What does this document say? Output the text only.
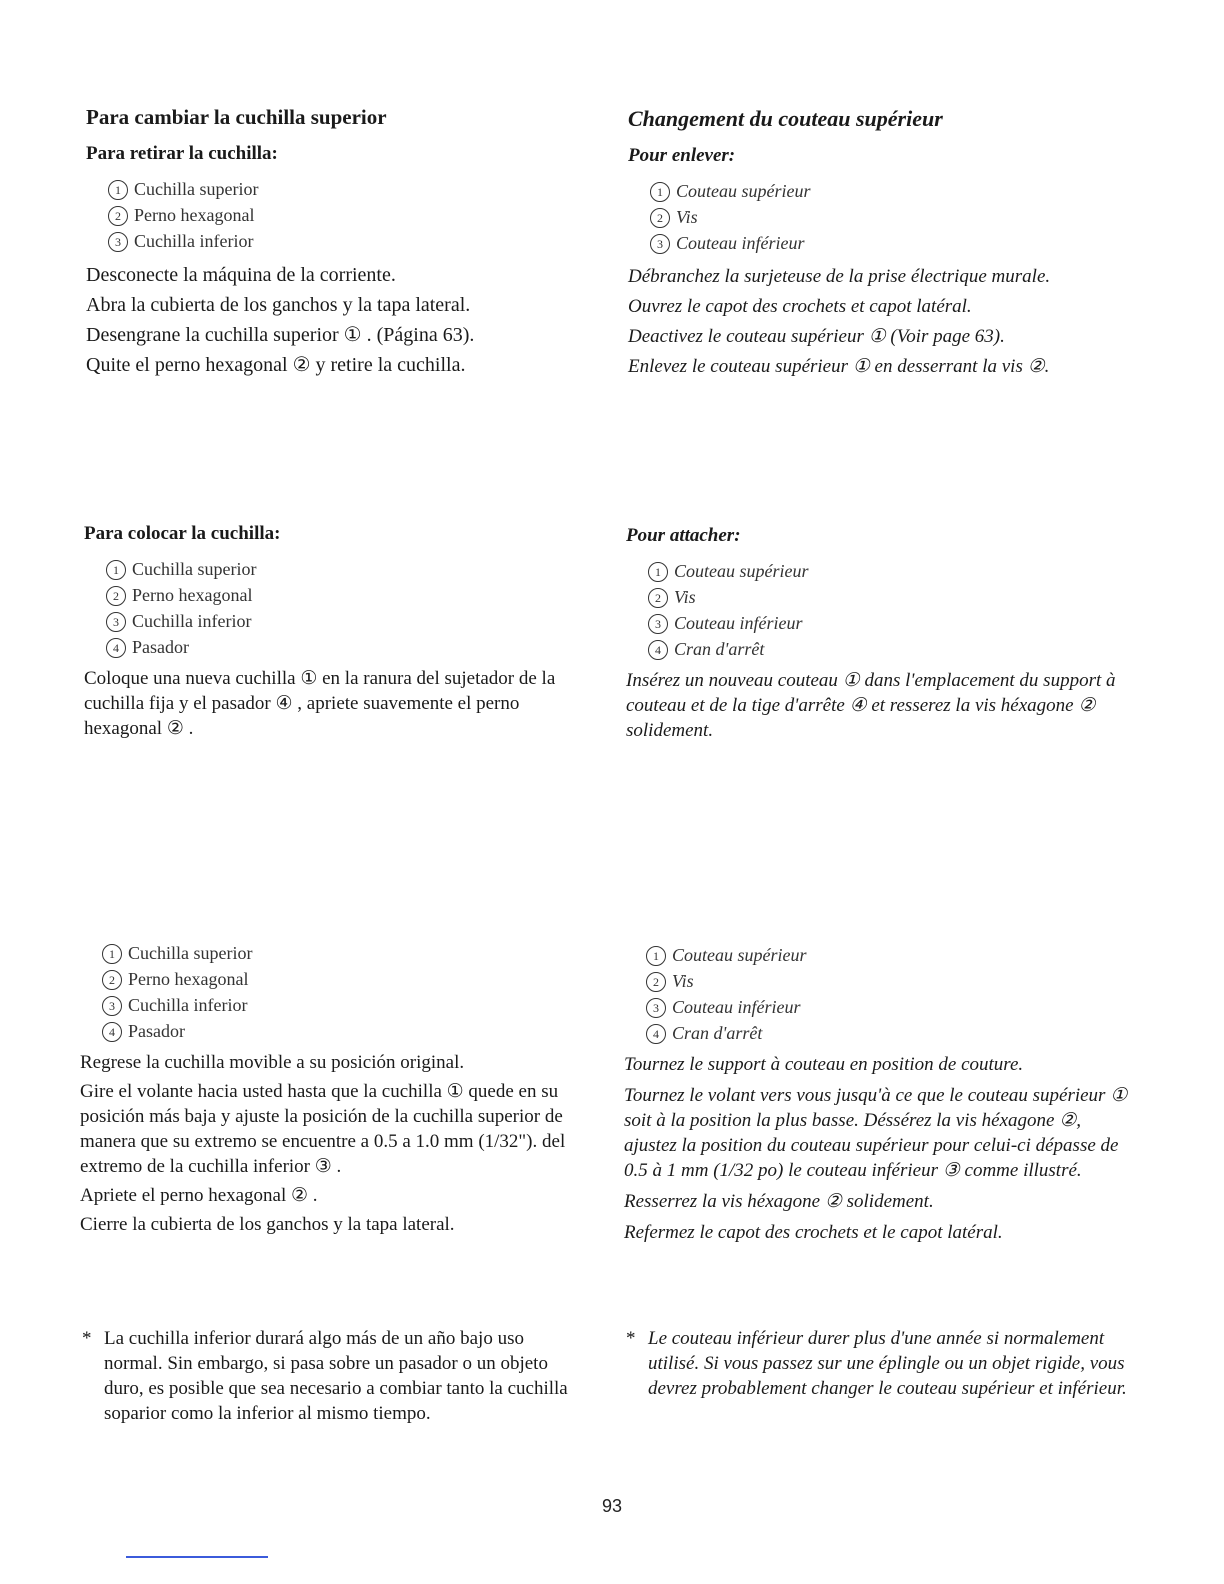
Para cambiar la cuchilla superior
Para retirar la cuchilla:
1 Cuchilla superior
2 Perno hexagonal
3 Cuchilla inferior

Desconecte la máquina de la corriente.

Abra la cubierta de los ganchos y la tapa lateral.

Desengrane la cuchilla superior ① . (Página 63).

Quite el perno hexagonal ② y retire la cuchilla.

Para colocar la cuchilla:
1 Cuchilla superior
2 Perno hexagonal
3 Cuchilla inferior
4 Pasador

Coloque una nueva cuchilla ① en la ranura del sujetador de la cuchilla fija y el pasador ④ , apriete suavemente el perno hexagonal ② .

1 Cuchilla superior
2 Perno hexagonal
3 Cuchilla inferior
4 Pasador

Regrese la cuchilla movible a su posición original.

Gire el volante hacia usted hasta que la cuchilla ① quede en su posición más baja y ajuste la posición de la cuchilla superior de manera que su extremo se encuentre a 0.5 a 1.0 mm (1/32"). del extremo de la cuchilla inferior ③ .

Apriete el perno hexagonal ② .

Cierre la cubierta de los ganchos y la tapa lateral.

* La cuchilla inferior durará algo más de un año bajo uso normal. Sin embargo, si pasa sobre un pasador o un objeto duro, es posible que sea necesario a combiar tanto la cuchilla soparior como la inferior al mismo tiempo.

Changement du couteau supérieur
Pour enlever:
1 Couteau supérieur
2 Vis
3 Couteau inférieur

Débranchez la surjeteuse de la prise électrique murale.

Ouvrez le capot des crochets et capot latéral.

Deactivez le couteau supérieur ① (Voir page 63).

Enlevez le couteau supérieur ① en desserrant la vis ②.

Pour attacher:
1 Couteau supérieur
2 Vis
3 Couteau inférieur
4 Cran d'arrêt

Insérez un nouveau couteau ① dans l'emplacement du support à couteau et de la tige d'arrête ④ et resserez la vis héxagone ② solidement.

1 Couteau supérieur
2 Vis
3 Couteau inférieur
4 Cran d'arrêt

Tournez le support à couteau en position de couture.

Tournez le volant vers vous jusqu'à ce que le couteau supérieur ① soit à la position la plus basse. Déssérez la vis héxagone ②, ajustez la position du couteau supérieur pour celui-ci dépasse de 0.5 à 1 mm (1/32 po) le couteau inférieur ③ comme illustré.

Resserrez la vis héxagone ② solidement.

Refermez le capot des crochets et le capot latéral.

* Le couteau inférieur durer plus d'une année si normalement utilisé. Si vous passez sur une éplingle ou un objet rigide, vous devrez probablement changer le couteau supérieur et inférieur.

93
